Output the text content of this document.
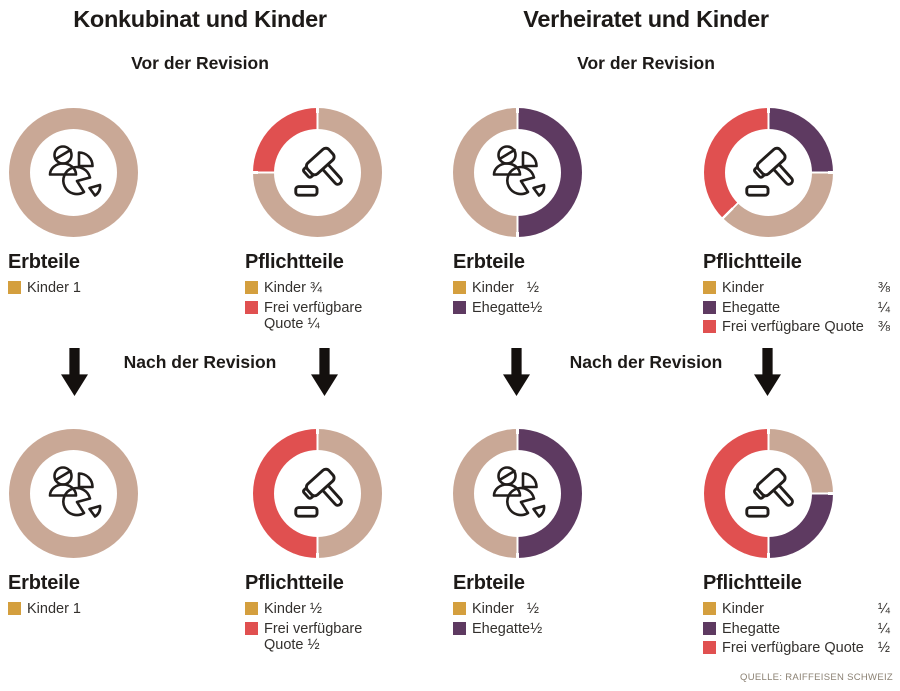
Konkubinat und Kinder	Verheiratet und Kinder
Vor der Revision	Vor der Revision
Erbteile
Kinder 1
Pflichtteile
Kinder ¾
Frei verfügbare Quote ¼
Erbteile
Kinder ½
Ehegatte ½
Pflichtteile
Kinder	⅜
Ehegatte	¼
Frei verfügbare Quote ⅜
Nach der Revision	Nach der Revision
Erbteile
Kinder 1
Pflichtteile
Kinder ½
Frei verfügbare Quote ½
Erbteile
Kinder ½
Ehegatte ½
Pflichtteile
Kinder	¼
Ehegatte	¼
Frei verfügbare Quote ½
QUELLE: RAIFFEISEN SCHWEIZ
